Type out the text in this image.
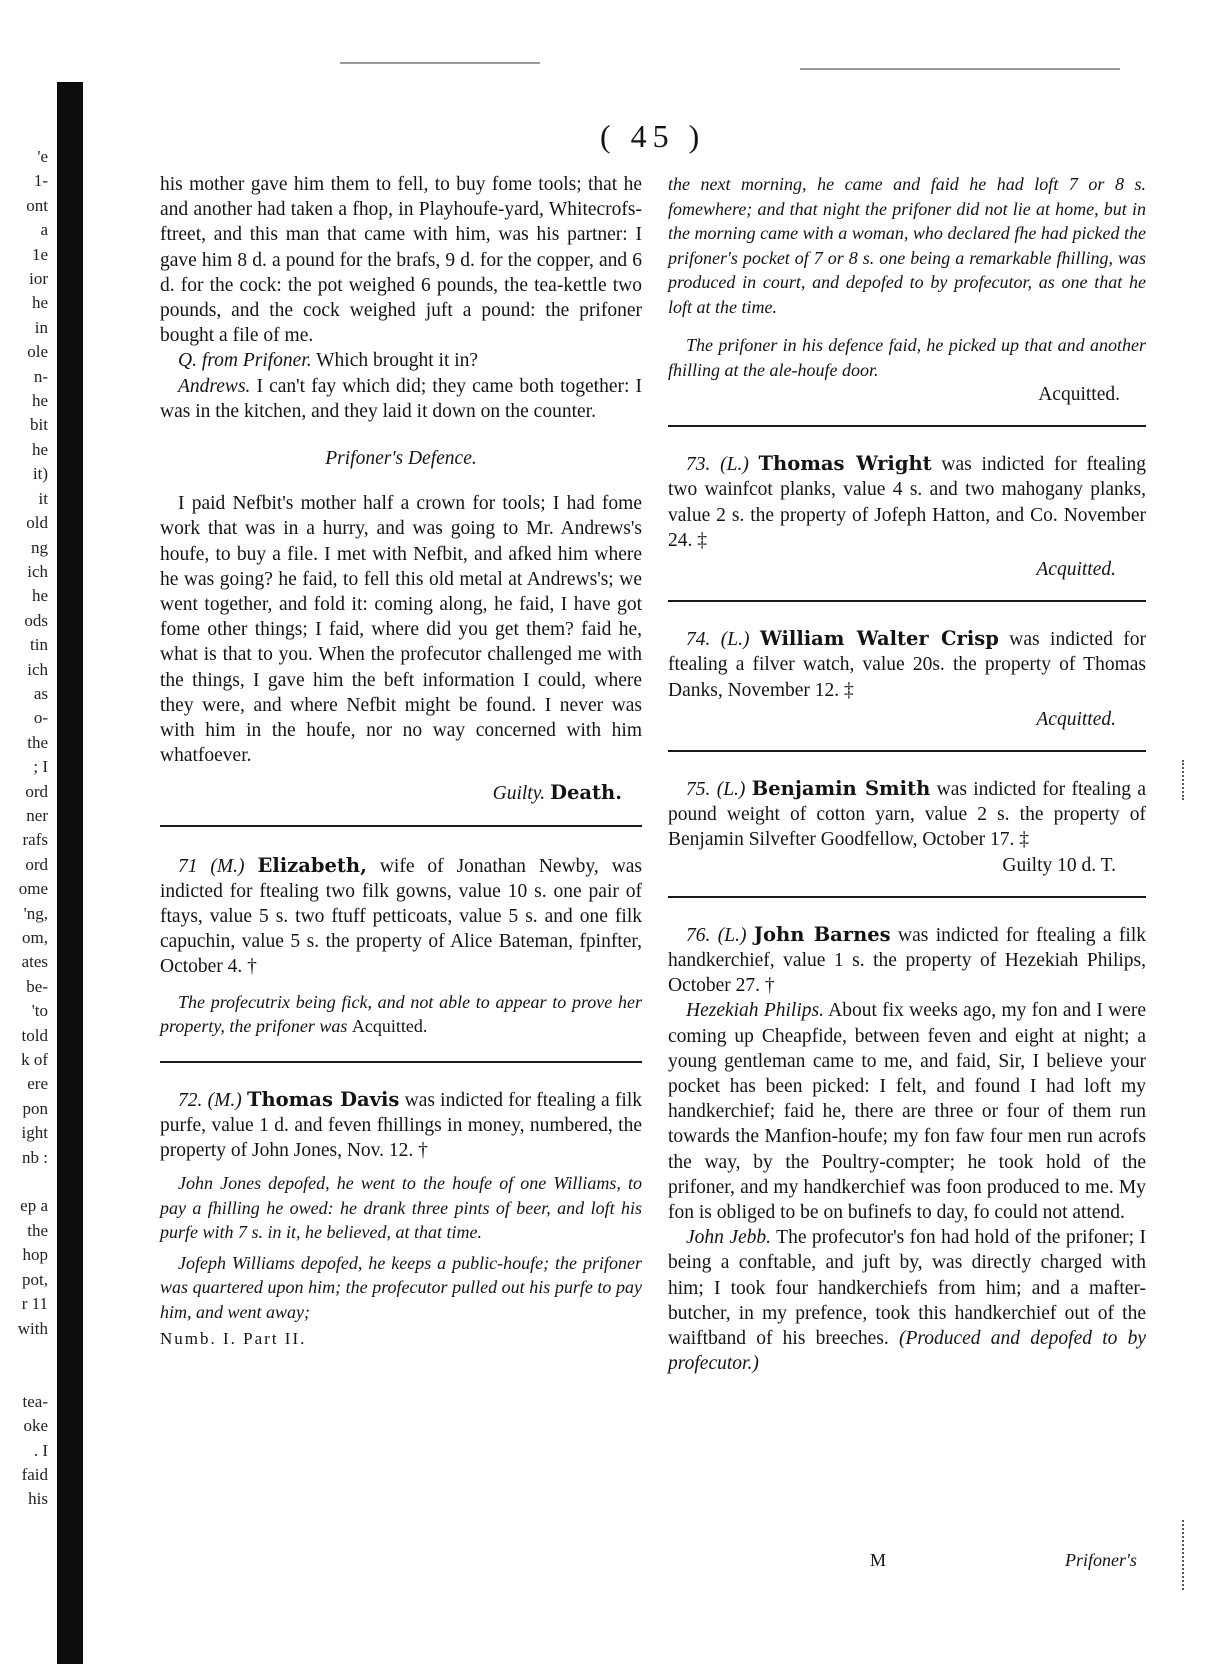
'e
1-
ont
a
1e
ior
he
in
ole
n-
he
bit
he
it)
it
old
ng
ich
he
ods
tin
ich
as
o-
the
; I
ord
ner
rafs
ord
ome
'ng,
om,
ates
be-
'to
told
k of
ere
pon
ight
nb :

ep a
the
hop
pot,
r 11
with

tea-
oke
. I
faid
his
( 45 )

his mother gave him them to fell, to buy fome tools; that he and another had taken a fhop, in Playhoufe-yard, Whitecrofs-ftreet, and this man that came with him, was his partner: I gave him 8 d. a pound for the brafs, 9 d. for the copper, and 6 d. for the cock: the pot weighed 6 pounds, the tea-kettle two pounds, and the cock weighed juft a pound: the prifoner bought a file of me.

Q. from Prifoner. Which brought it in?

Andrews. I can't fay which did; they came both together: I was in the kitchen, and they laid it down on the counter.

Prifoner's Defence.

I paid Nefbit's mother half a crown for tools; I had fome work that was in a hurry, and was going to Mr. Andrews's houfe, to buy a file. I met with Nefbit, and afked him where he was going? he faid, to fell this old metal at Andrews's; we went together, and fold it: coming along, he faid, I have got fome other things; I faid, where did you get them? faid he, what is that to you. When the profecutor challenged me with the things, I gave him the beft information I could, where they were, and where Nefbit might be found. I never was with him in the houfe, nor no way concerned with him whatfoever.

Guilty. Death.

71 (M.) Elizabeth, wife of Jonathan Newby, was indicted for ftealing two filk gowns, value 10 s. one pair of ftays, value 5 s. two ftuff petticoats, value 5 s. and one filk capuchin, value 5 s. the property of Alice Bateman, fpinfter, October 4. †

The profecutrix being fick, and not able to appear to prove her property, the prifoner was Acquitted.

72. (M.) Thomas Davis was indicted for ftealing a filk purfe, value 1 d. and feven fhillings in money, numbered, the property of John Jones, Nov. 12. †

John Jones depofed, he went to the houfe of one Williams, to pay a fhilling he owed: he drank three pints of beer, and loft his purfe with 7 s. in it, he believed, at that time.

Jofeph Williams depofed, he keeps a public-houfe; the prifoner was quartered upon him; the profecutor pulled out his purfe to pay him, and went away;

Numb. I. Part II.

the next morning, he came and faid he had loft 7 or 8 s. fomewhere; and that night the prifoner did not lie at home, but in the morning came with a woman, who declared fhe had picked the prifoner's pocket of 7 or 8 s. one being a remarkable fhilling, was produced in court, and depofed to by profecutor, as one that he loft at the time.

The prifoner in his defence faid, he picked up that and another fhilling at the ale-houfe door.

Acquitted.

73. (L.) Thomas Wright was indicted for ftealing two wainfcot planks, value 4 s. and two mahogany planks, value 2 s. the property of Jofeph Hatton, and Co. November 24. ‡

Acquitted.

74. (L.) William Walter Crisp was indicted for ftealing a filver watch, value 20s. the property of Thomas Danks, November 12. ‡

Acquitted.

75. (L.) Benjamin Smith was indicted for ftealing a pound weight of cotton yarn, value 2 s. the property of Benjamin Silvefter Goodfellow, October 17. ‡

Guilty 10 d. T.

76. (L.) John Barnes was indicted for ftealing a filk handkerchief, value 1 s. the property of Hezekiah Philips, October 27. †

Hezekiah Philips. About fix weeks ago, my fon and I were coming up Cheapfide, between feven and eight at night; a young gentleman came to me, and faid, Sir, I believe your pocket has been picked: I felt, and found I had loft my handkerchief; faid he, there are three or four of them run towards the Manfion-houfe; my fon faw four men run acrofs the way, by the Poultry-compter; he took hold of the prifoner, and my handkerchief was foon produced to me. My fon is obliged to be on bufinefs to day, fo could not attend.

John Jebb. The profecutor's fon had hold of the prifoner; I being a conftable, and juft by, was directly charged with him; I took four handkerchiefs from him; and a mafter-butcher, in my prefence, took this handkerchief out of the waiftband of his breeches. (Produced and depofed to by profecutor.)

M	Prifoner's
